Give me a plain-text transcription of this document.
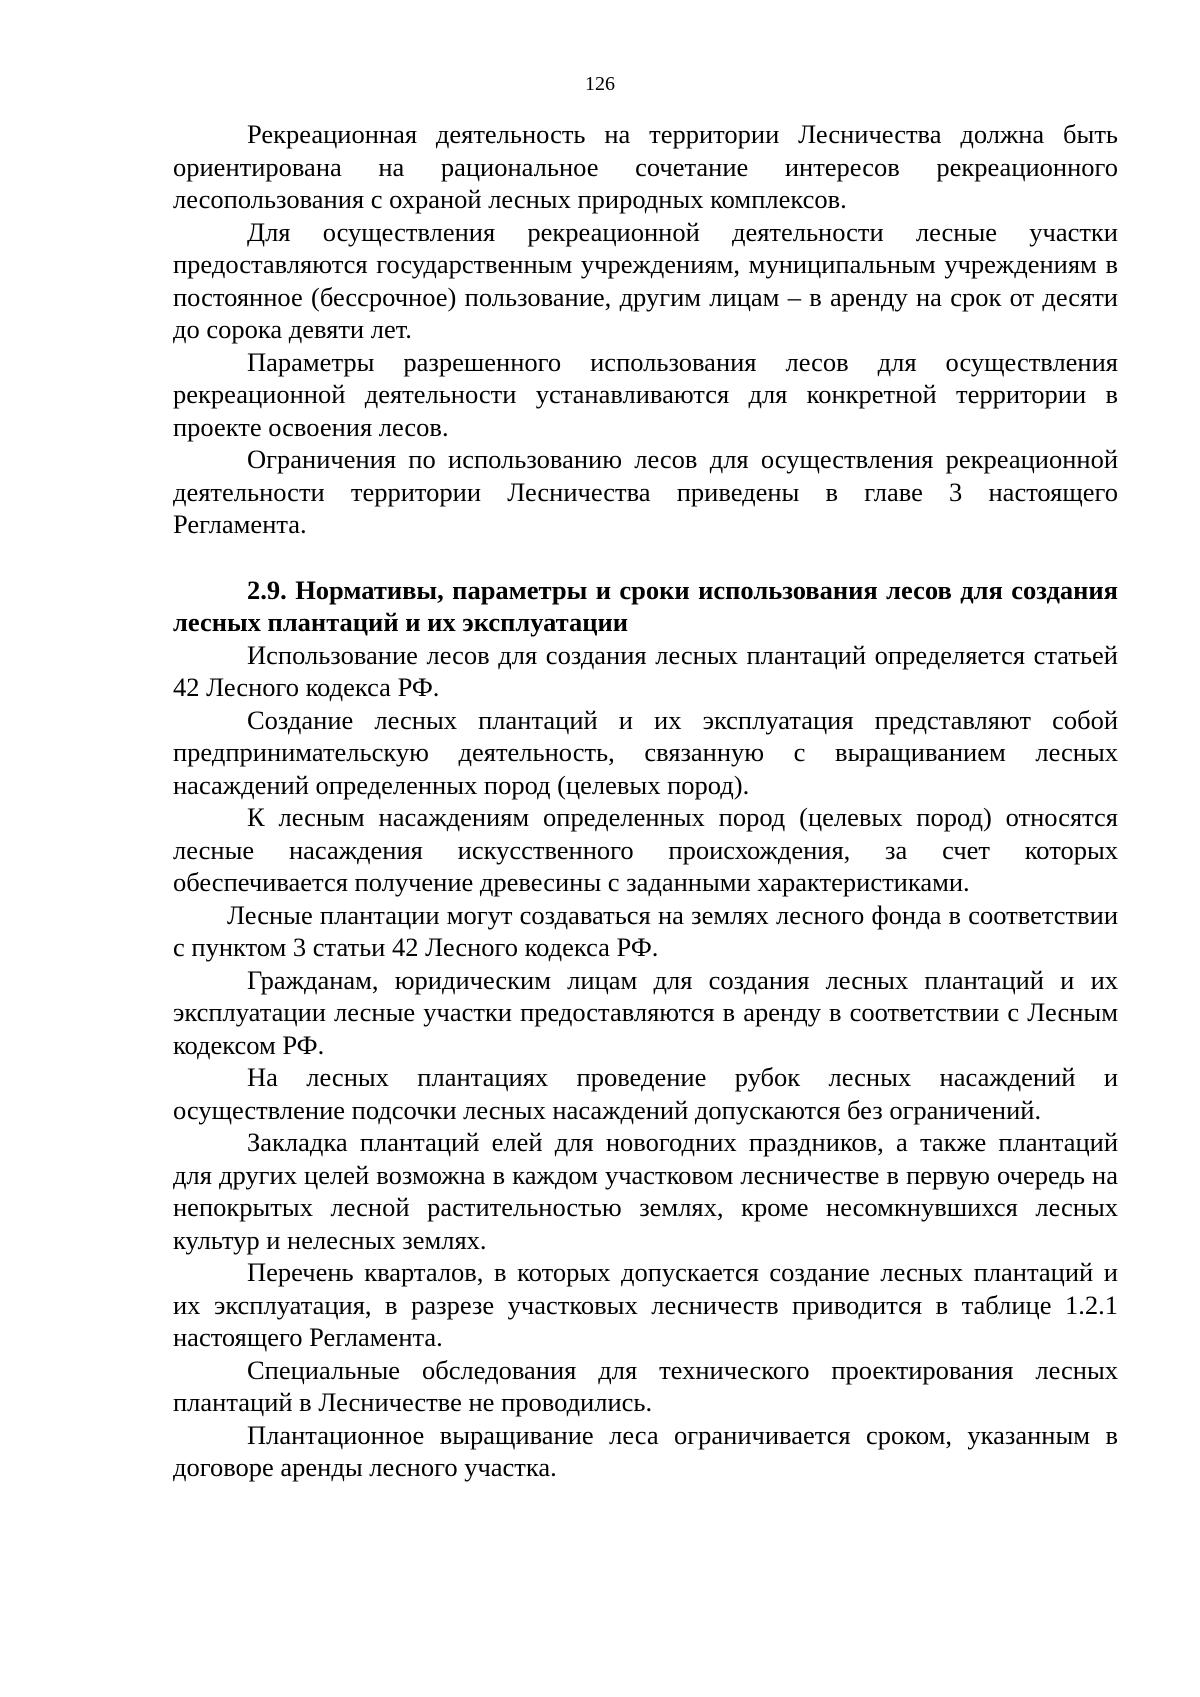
126

Рекреационная деятельность на территории Лесничества должна быть ориентирована на рациональное сочетание интересов рекреационного лесопользования с охраной лесных природных комплексов.

Для осуществления рекреационной деятельности лесные участки предоставляются государственным учреждениям, муниципальным учреждениям в постоянное (бессрочное) пользование, другим лицам – в аренду на срок от десяти до сорока девяти лет.

Параметры разрешенного использования лесов для осуществления рекреационной деятельности устанавливаются для конкретной территории в проекте освоения лесов.

Ограничения по использованию лесов для осуществления рекреационной деятельности территории Лесничества приведены в главе 3 настоящего Регламента.

2.9. Нормативы, параметры и сроки использования лесов для создания лесных плантаций и их эксплуатации

Использование лесов для создания лесных плантаций определяется статьей 42 Лесного кодекса РФ.

Создание лесных плантаций и их эксплуатация представляют собой предпринимательскую деятельность, связанную с выращиванием лесных насаждений определенных пород (целевых пород).

К лесным насаждениям определенных пород (целевых пород) относятся лесные насаждения искусственного происхождения, за счет которых обеспечивается получение древесины с заданными характеристиками.

Лесные плантации могут создаваться на землях лесного фонда в соответствии с пунктом 3 статьи 42 Лесного кодекса РФ.

Гражданам, юридическим лицам для создания лесных плантаций и их эксплуатации лесные участки предоставляются в аренду в соответствии с Лесным кодексом РФ.

На лесных плантациях проведение рубок лесных насаждений и осуществление подсочки лесных насаждений допускаются без ограничений.

Закладка плантаций елей для новогодних праздников, а также плантаций для других целей возможна в каждом участковом лесничестве в первую очередь на непокрытых лесной растительностью землях, кроме несомкнувшихся лесных культур и нелесных землях.

Перечень кварталов, в которых допускается создание лесных плантаций и их эксплуатация, в разрезе участковых лесничеств приводится в таблице 1.2.1 настоящего Регламента.

Специальные обследования для технического проектирования лесных плантаций в Лесничестве не проводились.

Плантационное выращивание леса ограничивается сроком, указанным в договоре аренды лесного участка.
